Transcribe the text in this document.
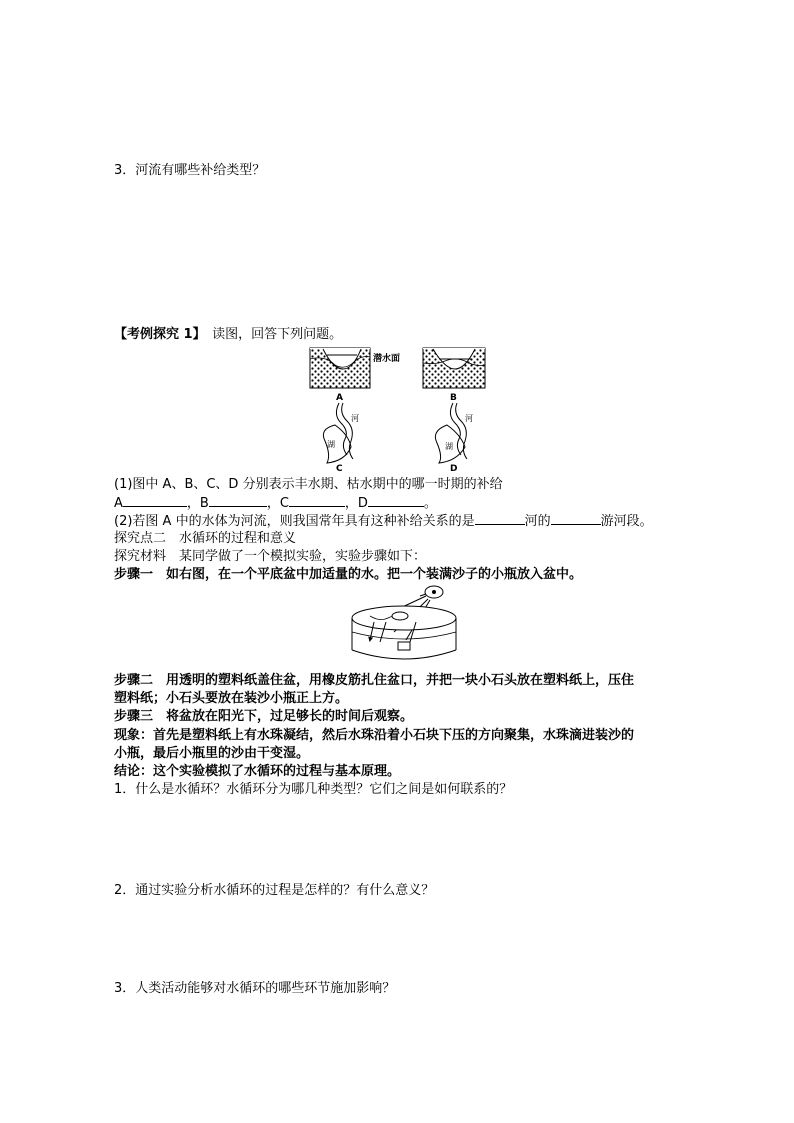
3．河流有哪些补给类型？
【考例探究 1】　读图，回答下列问题。
潜水面
A	B
河
湖
C
河
湖
D
(1)图中 A、B、C、D 分别表示丰水期、枯水期中的哪一时期的补给
A	，B	，C	，D	。
(2)若图 A 中的水体为河流，则我国常年具有这种补给关系的是	河的	游河段。
探究点二　水循环的过程和意义
探究材料　某同学做了一个模拟实验，实验步骤如下：
步骤一　如右图，在一个平底盆中加适量的水。把一个装满沙子的小瓶放入盆中。
步骤二　用透明的塑料纸盖住盆，用橡皮筋扎住盆口，并把一块小石头放在塑料纸上，压住
塑料纸；小石头要放在装沙小瓶正上方。
步骤三　将盆放在阳光下，过足够长的时间后观察。
现象：首先是塑料纸上有水珠凝结，然后水珠沿着小石块下压的方向聚集，水珠滴进装沙的
小瓶，最后小瓶里的沙由干变湿。
结论：这个实验模拟了水循环的过程与基本原理。
1．什么是水循环？水循环分为哪几种类型？它们之间是如何联系的？
2．通过实验分析水循环的过程是怎样的？有什么意义？
3．人类活动能够对水循环的哪些环节施加影响？
